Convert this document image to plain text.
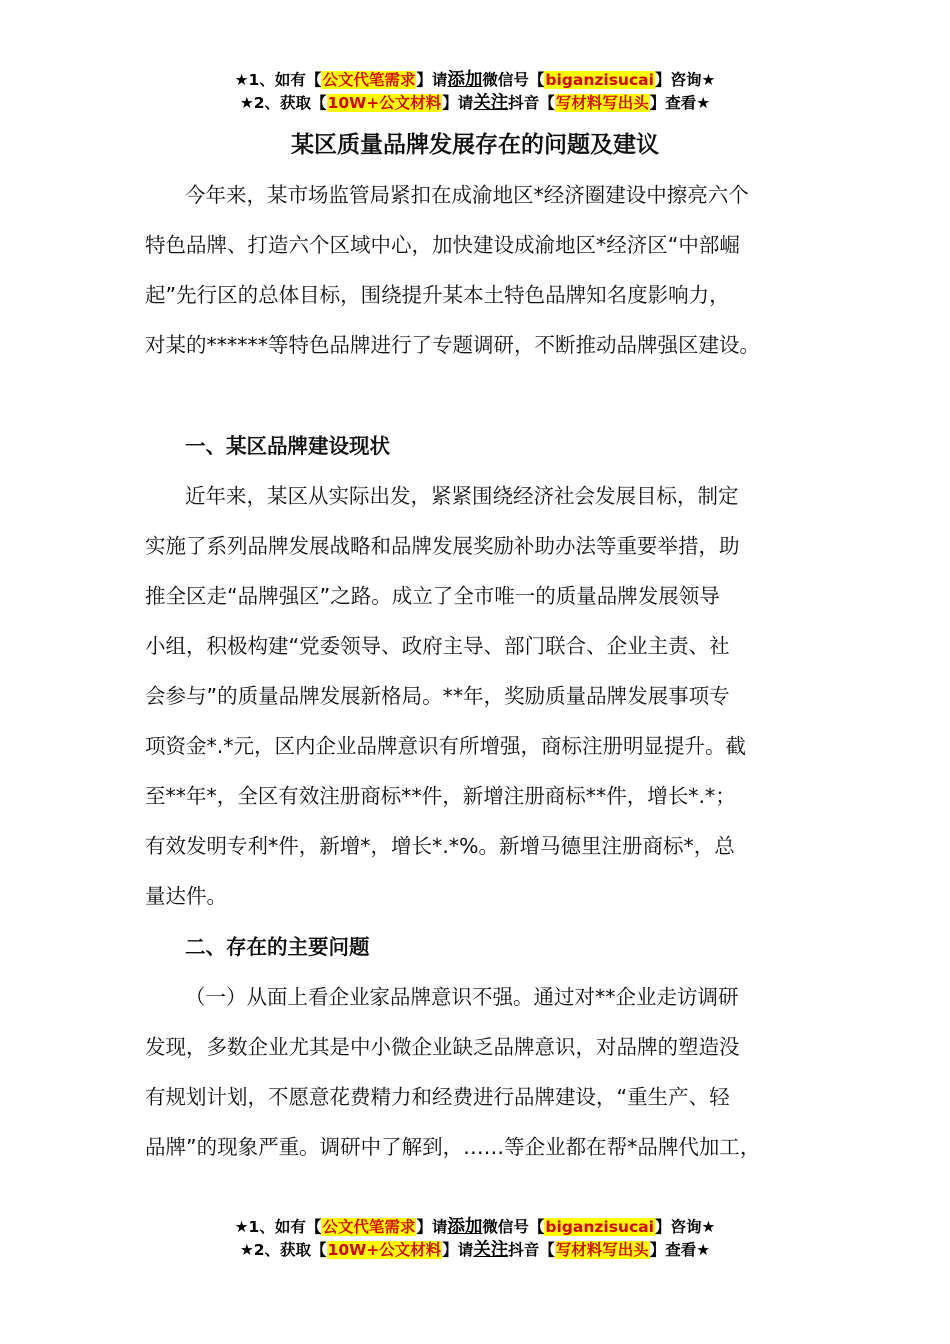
★1、如有【公文代笔需求】请添加微信号【biganzisucai】咨询★
★2、获取【10W+公文材料】请关注抖音【写材料写出头】查看★
某区质量品牌发展存在的问题及建议

今年来，某市场监管局紧扣在成渝地区*经济圈建设中擦亮六个
特色品牌、打造六个区域中心，加快建设成渝地区*经济区“中部崛
起”先行区的总体目标，围绕提升某本土特色品牌知名度影响力，
对某的******等特色品牌进行了专题调研，不断推动品牌强区建设。

一、某区品牌建设现状

近年来，某区从实际出发，紧紧围绕经济社会发展目标，制定
实施了系列品牌发展战略和品牌发展奖励补助办法等重要举措，助
推全区走“品牌强区”之路。成立了全市唯一的质量品牌发展领导
小组，积极构建“党委领导、政府主导、部门联合、企业主责、社
会参与”的质量品牌发展新格局。**年，奖励质量品牌发展事项专
项资金*.*元，区内企业品牌意识有所增强，商标注册明显提升。截
至**年*，全区有效注册商标**件，新增注册商标**件，增长*.*；
有效发明专利*件，新增*，增长*.*%。新增马德里注册商标*，总
量达件。

二、存在的主要问题

（一）从面上看企业家品牌意识不强。通过对**企业走访调研
发现，多数企业尤其是中小微企业缺乏品牌意识，对品牌的塑造没
有规划计划，不愿意花费精力和经费进行品牌建设，“重生产、轻
品牌”的现象严重。调研中了解到，……等企业都在帮*品牌代加工，

★1、如有【公文代笔需求】请添加微信号【biganzisucai】咨询★
★2、获取【10W+公文材料】请关注抖音【写材料写出头】查看★
